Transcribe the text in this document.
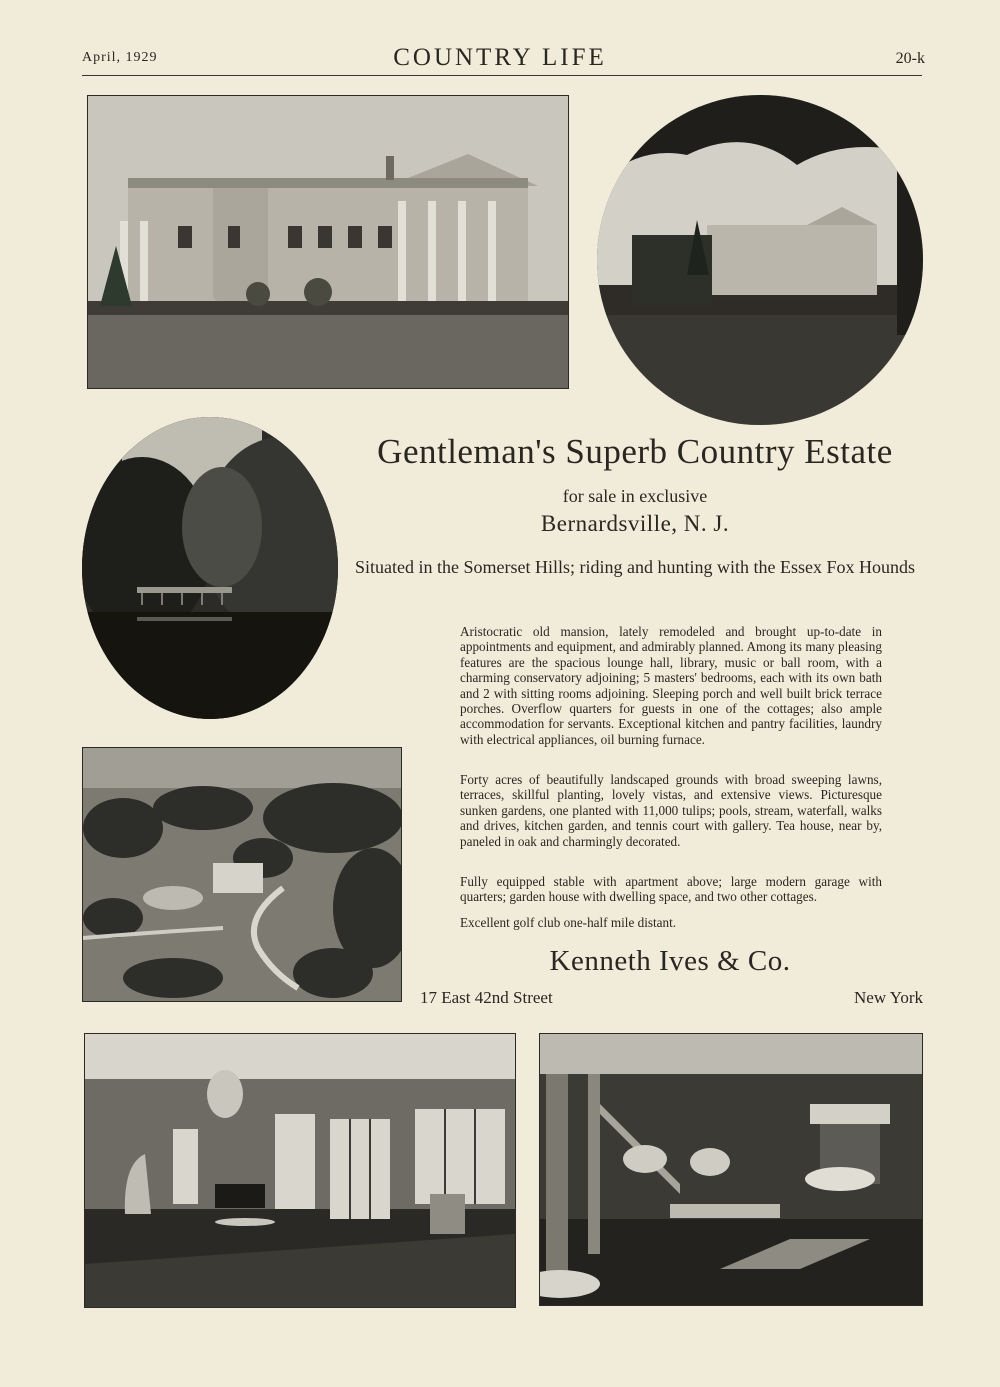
April, 1929	COUNTRY LIFE	20-k
Gentleman's Superb Country Estate
for sale in exclusive
Bernardsville, N. J.
Situated in the Somerset Hills; riding and hunting with the Essex Fox Hounds
Aristocratic old mansion, lately remodeled and brought up-to-date in appointments and equipment, and admirably planned. Among its many pleasing features are the spacious lounge hall, library, music or ball room, with a charming conservatory adjoining; 5 masters' bedrooms, each with its own bath and 2 with sitting rooms adjoining. Sleeping porch and well built brick terrace porches. Overflow quarters for guests in one of the cottages; also ample accommodation for servants. Exceptional kitchen and pantry facilities, laundry with electrical appliances, oil burning furnace.
Forty acres of beautifully landscaped grounds with broad sweeping lawns, terraces, skillful planting, lovely vistas, and extensive views. Picturesque sunken gardens, one planted with 11,000 tulips; pools, stream, waterfall, walks and drives, kitchen garden, and tennis court with gallery. Tea house, near by, paneled in oak and charmingly decorated.
Fully equipped stable with apartment above; large modern garage with quarters; garden house with dwelling space, and two other cottages.
Excellent golf club one-half mile distant.
Kenneth Ives & Co.
17 East 42nd Street	New York
